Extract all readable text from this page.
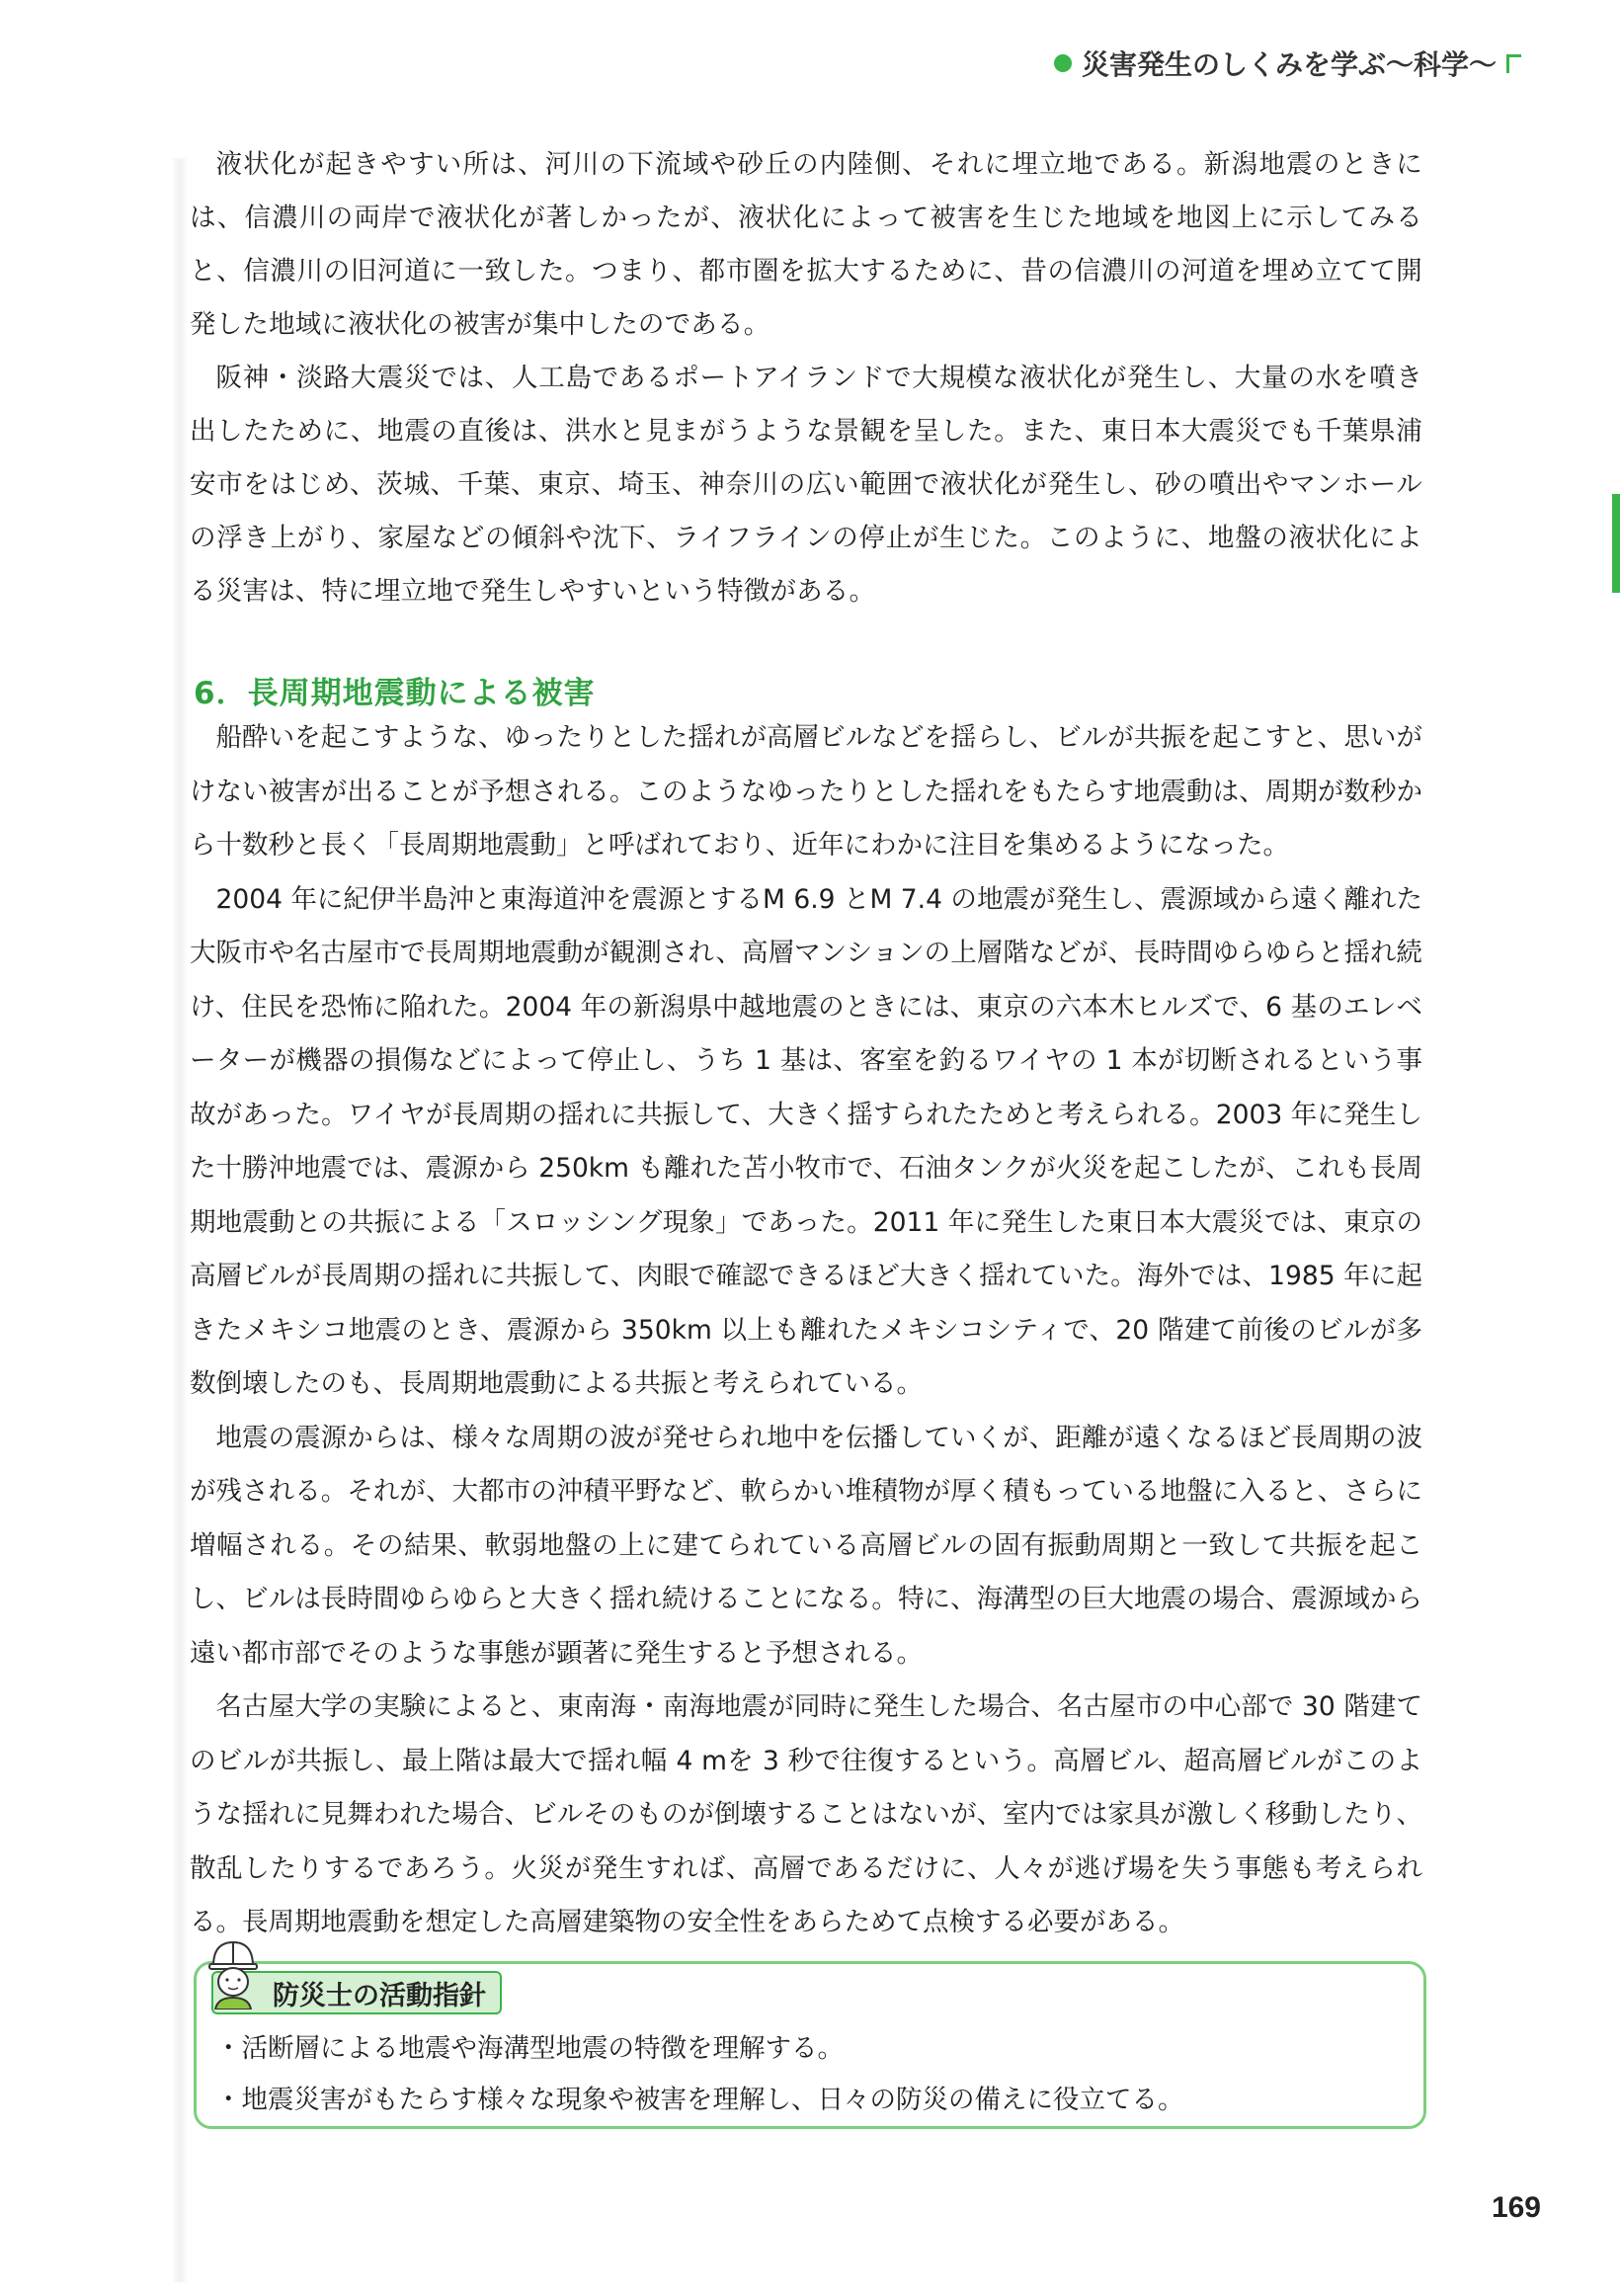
災害発生のしくみを学ぶ〜科学〜

液状化が起きやすい所は、河川の下流域や砂丘の内陸側、それに埋立地である。新潟地震のときには、信濃川の両岸で液状化が著しかったが、液状化によって被害を生じた地域を地図上に示してみると、信濃川の旧河道に一致した。つまり、都市圏を拡大するために、昔の信濃川の河道を埋め立てて開発した地域に液状化の被害が集中したのである。

阪神・淡路大震災では、人工島であるポートアイランドで大規模な液状化が発生し、大量の水を噴き出したために、地震の直後は、洪水と見まがうような景観を呈した。また、東日本大震災でも千葉県浦安市をはじめ、茨城、千葉、東京、埼玉、神奈川の広い範囲で液状化が発生し、砂の噴出やマンホールの浮き上がり、家屋などの傾斜や沈下、ライフラインの停止が生じた。このように、地盤の液状化による災害は、特に埋立地で発生しやすいという特徴がある。

6．長周期地震動による被害

船酔いを起こすような、ゆったりとした揺れが高層ビルなどを揺らし、ビルが共振を起こすと、思いがけない被害が出ることが予想される。このようなゆったりとした揺れをもたらす地震動は、周期が数秒から十数秒と長く「長周期地震動」と呼ばれており、近年にわかに注目を集めるようになった。

2004 年に紀伊半島沖と東海道沖を震源とするM 6.9 とM 7.4 の地震が発生し、震源域から遠く離れた大阪市や名古屋市で長周期地震動が観測され、高層マンションの上層階などが、長時間ゆらゆらと揺れ続け、住民を恐怖に陥れた。2004 年の新潟県中越地震のときには、東京の六本木ヒルズで、6 基のエレベーターが機器の損傷などによって停止し、うち 1 基は、客室を釣るワイヤの 1 本が切断されるという事故があった。ワイヤが長周期の揺れに共振して、大きく揺すられたためと考えられる。2003 年に発生した十勝沖地震では、震源から 250km も離れた苫小牧市で、石油タンクが火災を起こしたが、これも長周期地震動との共振による「スロッシング現象」であった。2011 年に発生した東日本大震災では、東京の高層ビルが長周期の揺れに共振して、肉眼で確認できるほど大きく揺れていた。海外では、1985 年に起きたメキシコ地震のとき、震源から 350km 以上も離れたメキシコシティで、20 階建て前後のビルが多数倒壊したのも、長周期地震動による共振と考えられている。

地震の震源からは、様々な周期の波が発せられ地中を伝播していくが、距離が遠くなるほど長周期の波が残される。それが、大都市の沖積平野など、軟らかい堆積物が厚く積もっている地盤に入ると、さらに増幅される。その結果、軟弱地盤の上に建てられている高層ビルの固有振動周期と一致して共振を起こし、ビルは長時間ゆらゆらと大きく揺れ続けることになる。特に、海溝型の巨大地震の場合、震源域から遠い都市部でそのような事態が顕著に発生すると予想される。

名古屋大学の実験によると、東南海・南海地震が同時に発生した場合、名古屋市の中心部で 30 階建てのビルが共振し、最上階は最大で揺れ幅 4 mを 3 秒で往復するという。高層ビル、超高層ビルがこのような揺れに見舞われた場合、ビルそのものが倒壊することはないが、室内では家具が激しく移動したり、散乱したりするであろう。火災が発生すれば、高層であるだけに、人々が逃げ場を失う事態も考えられる。長周期地震動を想定した高層建築物の安全性をあらためて点検する必要がある。

防災士の活動指針
・活断層による地震や海溝型地震の特徴を理解する。
・地震災害がもたらす様々な現象や被害を理解し、日々の防災の備えに役立てる。
169
